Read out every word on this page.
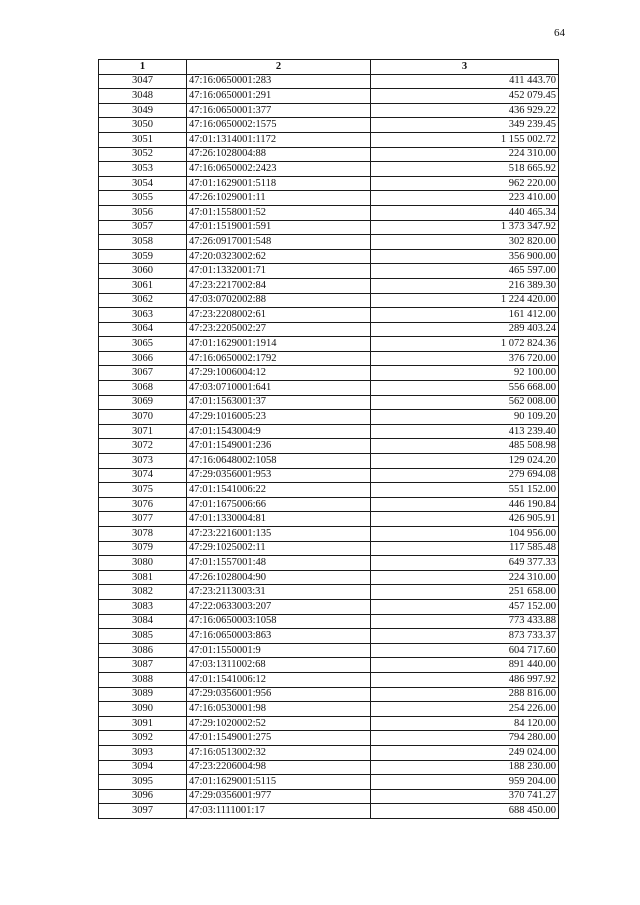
64
1	2	3
3047	47:16:0650001:283	411 443.70
3048	47:16:0650001:291	452 079.45
3049	47:16:0650001:377	436 929.22
3050	47:16:0650002:1575	349 239.45
3051	47:01:1314001:1172	1 155 002.72
3052	47:26:1028004:88	224 310.00
3053	47:16:0650002:2423	518 665.92
3054	47:01:1629001:5118	962 220.00
3055	47:26:1029001:11	223 410.00
3056	47:01:1558001:52	440 465.34
3057	47:01:1519001:591	1 373 347.92
3058	47:26:0917001:548	302 820.00
3059	47:20:0323002:62	356 900.00
3060	47:01:1332001:71	465 597.00
3061	47:23:2217002:84	216 389.30
3062	47:03:0702002:88	1 224 420.00
3063	47:23:2208002:61	161 412.00
3064	47:23:2205002:27	289 403.24
3065	47:01:1629001:1914	1 072 824.36
3066	47:16:0650002:1792	376 720.00
3067	47:29:1006004:12	92 100.00
3068	47:03:0710001:641	556 668.00
3069	47:01:1563001:37	562 008.00
3070	47:29:1016005:23	90 109.20
3071	47:01:1543004:9	413 239.40
3072	47:01:1549001:236	485 508.98
3073	47:16:0648002:1058	129 024.20
3074	47:29:0356001:953	279 694.08
3075	47:01:1541006:22	551 152.00
3076	47:01:1675006:66	446 190.84
3077	47:01:1330004:81	426 905.91
3078	47:23:2216001:135	104 956.00
3079	47:29:1025002:11	117 585.48
3080	47:01:1557001:48	649 377.33
3081	47:26:1028004:90	224 310.00
3082	47:23:2113003:31	251 658.00
3083	47:22:0633003:207	457 152.00
3084	47:16:0650003:1058	773 433.88
3085	47:16:0650003:863	873 733.37
3086	47:01:1550001:9	604 717.60
3087	47:03:1311002:68	891 440.00
3088	47:01:1541006:12	486 997.92
3089	47:29:0356001:956	288 816.00
3090	47:16:0530001:98	254 226.00
3091	47:29:1020002:52	84 120.00
3092	47:01:1549001:275	794 280.00
3093	47:16:0513002:32	249 024.00
3094	47:23:2206004:98	188 230.00
3095	47:01:1629001:5115	959 204.00
3096	47:29:0356001:977	370 741.27
3097	47:03:1111001:17	688 450.00
